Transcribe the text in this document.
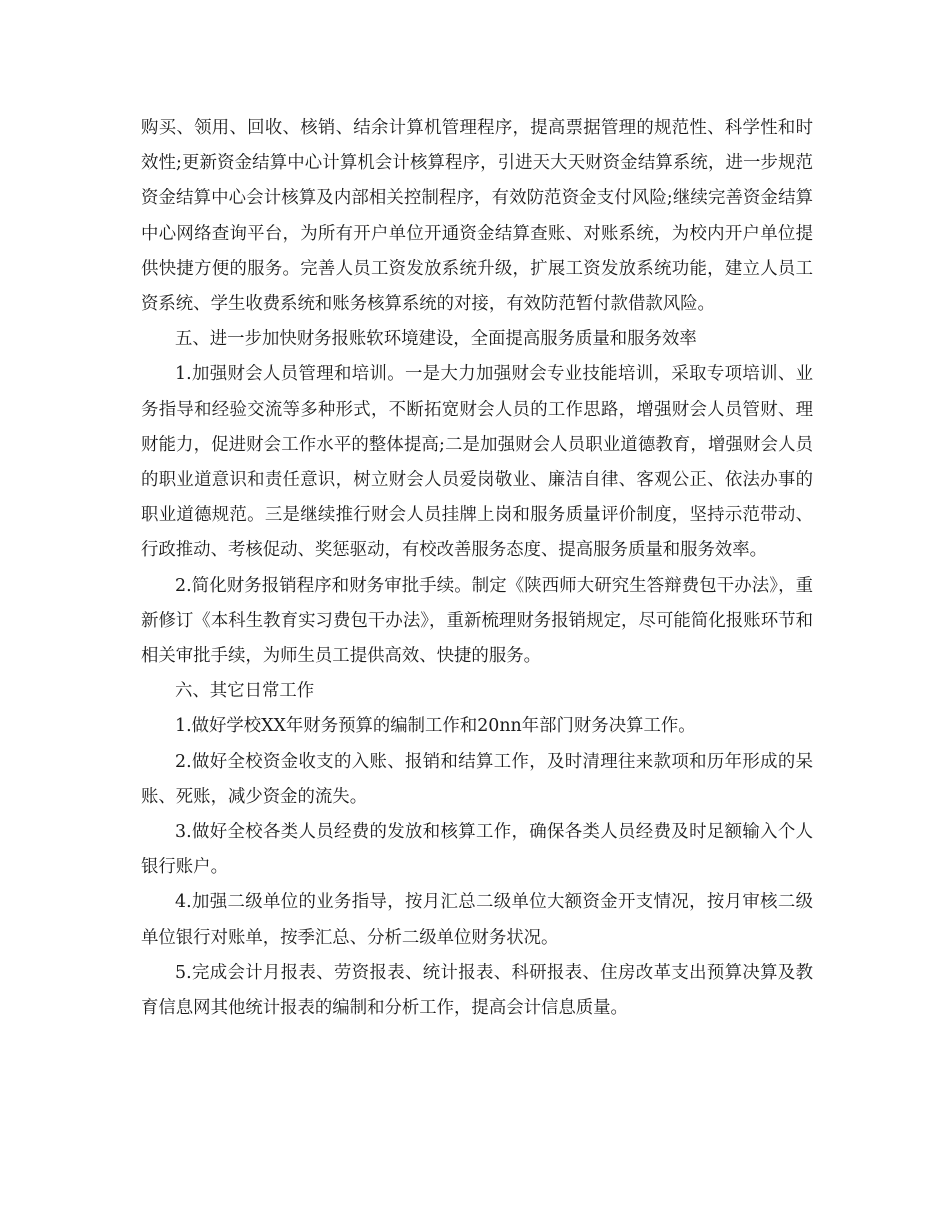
购买、领用、回收、核销、结余计算机管理程序，提高票据管理的规范性、科学性和时效性;更新资金结算中心计算机会计核算程序，引进天大天财资金结算系统，进一步规范资金结算中心会计核算及内部相关控制程序，有效防范资金支付风险;继续完善资金结算中心网络查询平台，为所有开户单位开通资金结算查账、对账系统，为校内开户单位提供快捷方便的服务。完善人员工资发放系统升级，扩展工资发放系统功能，建立人员工资系统、学生收费系统和账务核算系统的对接，有效防范暂付款借款风险。

五、进一步加快财务报账软环境建设，全面提高服务质量和服务效率

1.加强财会人员管理和培训。一是大力加强财会专业技能培训，采取专项培训、业务指导和经验交流等多种形式，不断拓宽财会人员的工作思路，增强财会人员管财、理财能力，促进财会工作水平的整体提高;二是加强财会人员职业道德教育，增强财会人员的职业道意识和责任意识，树立财会人员爱岗敬业、廉洁自律、客观公正、依法办事的职业道德规范。三是继续推行财会人员挂牌上岗和服务质量评价制度，坚持示范带动、行政推动、考核促动、奖惩驱动，有校改善服务态度、提高服务质量和服务效率。

2.简化财务报销程序和财务审批手续。制定《陕西师大研究生答辩费包干办法》，重新修订《本科生教育实习费包干办法》，重新梳理财务报销规定，尽可能简化报账环节和相关审批手续，为师生员工提供高效、快捷的服务。

六、其它日常工作

1.做好学校XX年财务预算的编制工作和20nn年部门财务决算工作。

2.做好全校资金收支的入账、报销和结算工作，及时清理往来款项和历年形成的呆账、死账，减少资金的流失。

3.做好全校各类人员经费的发放和核算工作，确保各类人员经费及时足额输入个人银行账户。

4.加强二级单位的业务指导，按月汇总二级单位大额资金开支情况，按月审核二级单位银行对账单，按季汇总、分析二级单位财务状况。

5.完成会计月报表、劳资报表、统计报表、科研报表、住房改革支出预算决算及教育信息网其他统计报表的编制和分析工作，提高会计信息质量。
